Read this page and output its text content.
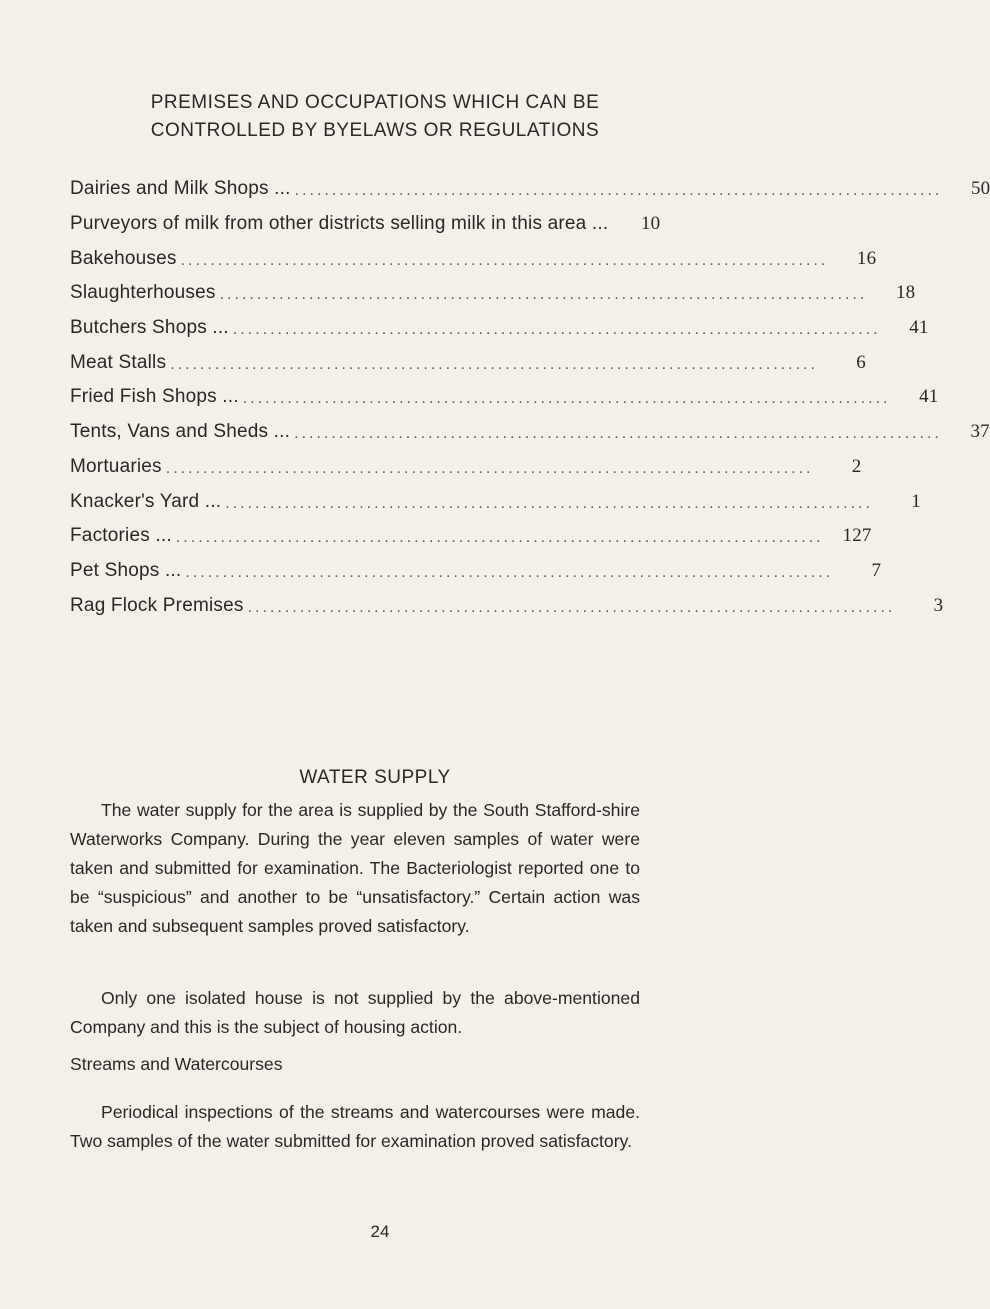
PREMISES AND OCCUPATIONS WHICH CAN BE
CONTROLLED BY BYELAWS OR REGULATIONS
Dairies and Milk Shops ... .......................................................................................	50
Purveyors of milk from other districts selling milk in this area ...	10
Bakehouses .......................................................................................	16
Slaughterhouses .......................................................................................	18
Butchers Shops ... .......................................................................................	41
Meat Stalls .......................................................................................	6
Fried Fish Shops ... .......................................................................................	41
Tents, Vans and Sheds ... .......................................................................................	37
Mortuaries .......................................................................................	2
Knacker's Yard ... .......................................................................................	1
Factories ... ....................................................................................... 127
Pet Shops ... .......................................................................................	7
Rag Flock Premises .......................................................................................	3
WATER SUPPLY

The water supply for the area is supplied by the South Stafford-shire Waterworks Company. During the year eleven samples of water were taken and submitted for examination. The Bacteriologist reported one to be “suspicious” and another to be “unsatisfactory.” Certain action was taken and subsequent samples proved satisfactory.

Only one isolated house is not supplied by the above-mentioned Company and this is the subject of housing action.

Streams and Watercourses

Periodical inspections of the streams and watercourses were made. Two samples of the water submitted for examination proved satisfactory.

24
